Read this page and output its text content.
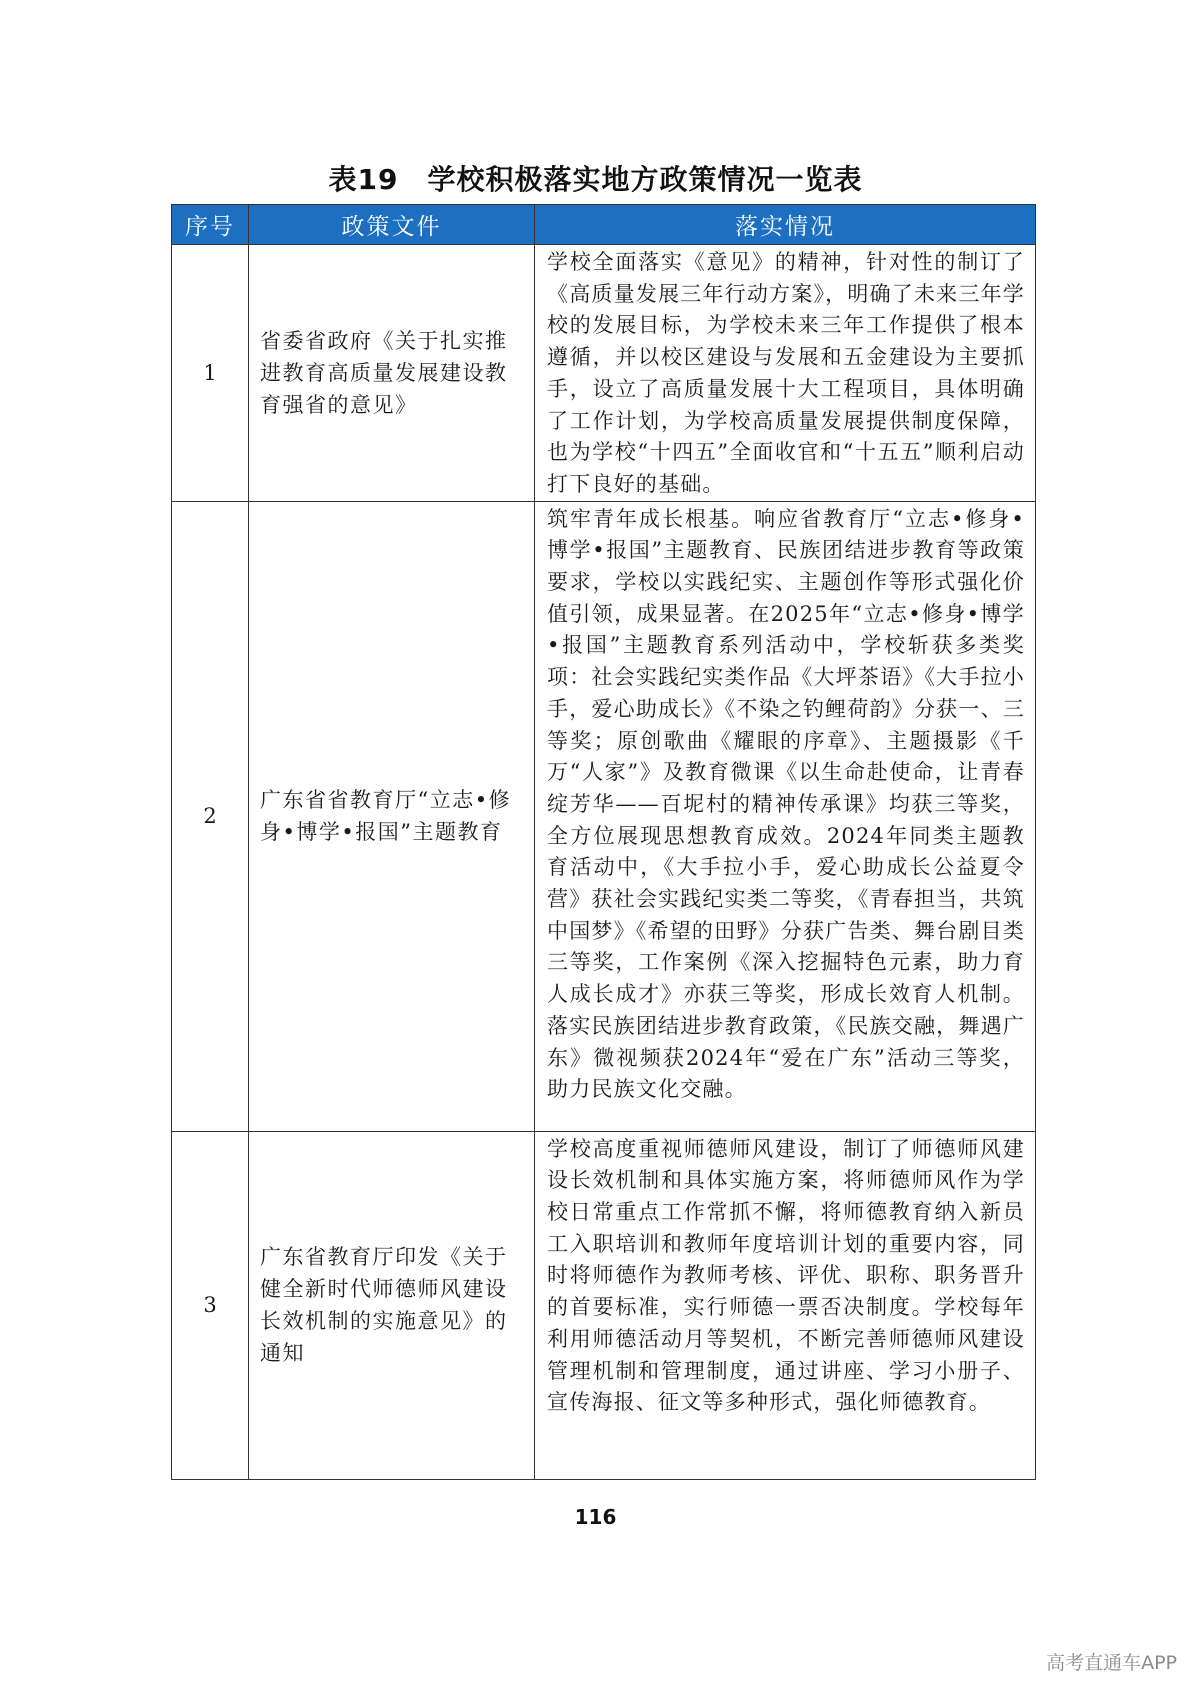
表19　学校积极落实地方政策情况一览表
序号	政策文件	落实情况
1	省委省政府《关于扎实推进教育高质量发展建设教育强省的意见》	学校全面落实《意见》的精神，针对性的制订了《高质量发展三年行动方案》，明确了未来三年学校的发展目标，为学校未来三年工作提供了根本遵循，并以校区建设与发展和五金建设为主要抓手，设立了高质量发展十大工程项目，具体明确了工作计划，为学校高质量发展提供制度保障，也为学校“十四五”全面收官和“十五五”顺利启动打下良好的基础。
2	广东省省教育厅“立志•修身•博学•报国”主题教育	筑牢青年成长根基。响应省教育厅“立志•修身•博学•报国”主题教育、民族团结进步教育等政策要求，学校以实践纪实、主题创作等形式强化价值引领，成果显著。在2025年“立志•修身•博学•报国”主题教育系列活动中，学校斩获多类奖项：社会实践纪实类作品《大坪茶语》《大手拉小手，爱心助成长》《不染之钓鲤荷韵》分获一、三等奖；原创歌曲《耀眼的序章》、主题摄影《千万“人家”》及教育微课《以生命赴使命，让青春绽芳华——百坭村的精神传承课》均获三等奖，全方位展现思想教育成效。2024年同类主题教育活动中，《大手拉小手，爱心助成长公益夏令营》获社会实践纪实类二等奖，《青春担当，共筑中国梦》《希望的田野》分获广告类、舞台剧目类三等奖，工作案例《深入挖掘特色元素，助力育人成长成才》亦获三等奖，形成长效育人机制。落实民族团结进步教育政策，《民族交融，舞遇广东》微视频获2024年“爱在广东”活动三等奖，助力民族文化交融。
3	广东省教育厅印发《关于健全新时代师德师风建设长效机制的实施意见》的通知	学校高度重视师德师风建设，制订了师德师风建设长效机制和具体实施方案，将师德师风作为学校日常重点工作常抓不懈，将师德教育纳入新员工入职培训和教师年度培训计划的重要内容，同时将师德作为教师考核、评优、职称、职务晋升的首要标准，实行师德一票否决制度。学校每年利用师德活动月等契机，不断完善师德师风建设管理机制和管理制度，通过讲座、学习小册子、宣传海报、征文等多种形式，强化师德教育。
116
高考直通车APP
